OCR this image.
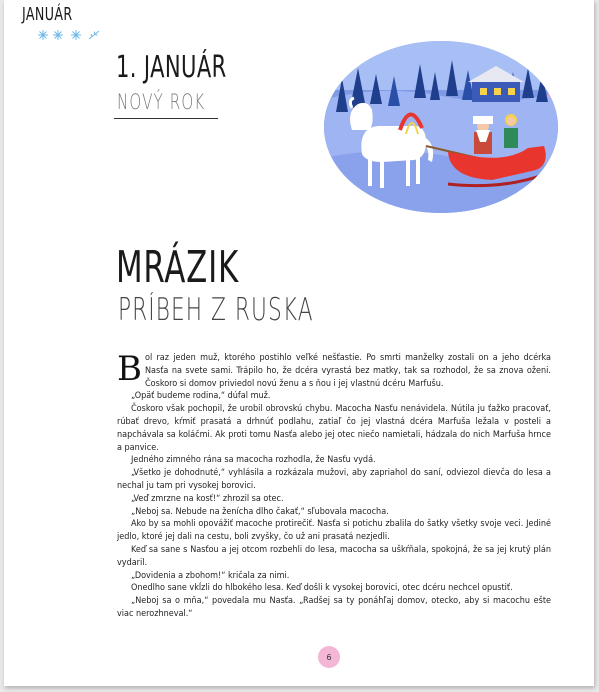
JANUÁR
1. JANUÁR
NOVÝ ROK
MRÁZIK
PRÍBEH Z RUSKA

Bol raz jeden muž, ktorého postihlo veľké nešťastie. Po smrti manželky zostali on a jeho dcérka Nasťa na svete sami. Trápilo ho, že dcéra vyrastá bez matky, tak sa rozhodol, že sa znova oženi. Čoskoro si domov priviedol novú ženu a s ňou i jej vlastnú dcéru Marfušu.

„Opäť budeme rodina,“ dúfal muž.

Čoskoro však pochopil, že urobil obrovskú chybu. Macocha Nasťu nenávidela. Nútila ju ťažko pracovať, rúbať drevo, kŕmiť prasatá a drhnúť podlahu, zatiaľ čo jej vlastná dcéra Marfuša ležala v posteli a napchávala sa koláčmi. Ak proti tomu Nasťa alebo jej otec niečo namietali, hádzala do nich Marfuša hrnce a panvice.

Jedného zimného rána sa macocha rozhodla, že Nasťu vydá.

„Všetko je dohodnuté,“ vyhlásila a rozkázala mužovi, aby zapriahol do saní, odviezol dievča do lesa a nechal ju tam pri vysokej borovici.

„Veď zmrzne na kosť!“ zhrozil sa otec.

„Neboj sa. Nebude na ženícha dlho čakať,“ sľubovala macocha.

Ako by sa mohli opovážiť macoche protirečiť. Nasťa si potichu zbalila do šatky všetky svoje veci. Jediné jedlo, ktoré jej dali na cestu, boli zvyšky, čo už ani prasatá nezjedli.

Keď sa sane s Nasťou a jej otcom rozbehli do lesa, macocha sa uškŕňala, spokojná, že sa jej krutý plán vydaril.

„Dovidenia a zbohom!“ kričala za nimi.

Onedlho sane vkĺzli do hlbokého lesa. Keď došli k vysokej borovici, otec dcéru nechcel opustiť.

„Neboj sa o mňa,“ povedala mu Nasťa. „Radšej sa ty ponáhľaj domov, otecko, aby si macochu ešte viac nerozhneval.“

6
